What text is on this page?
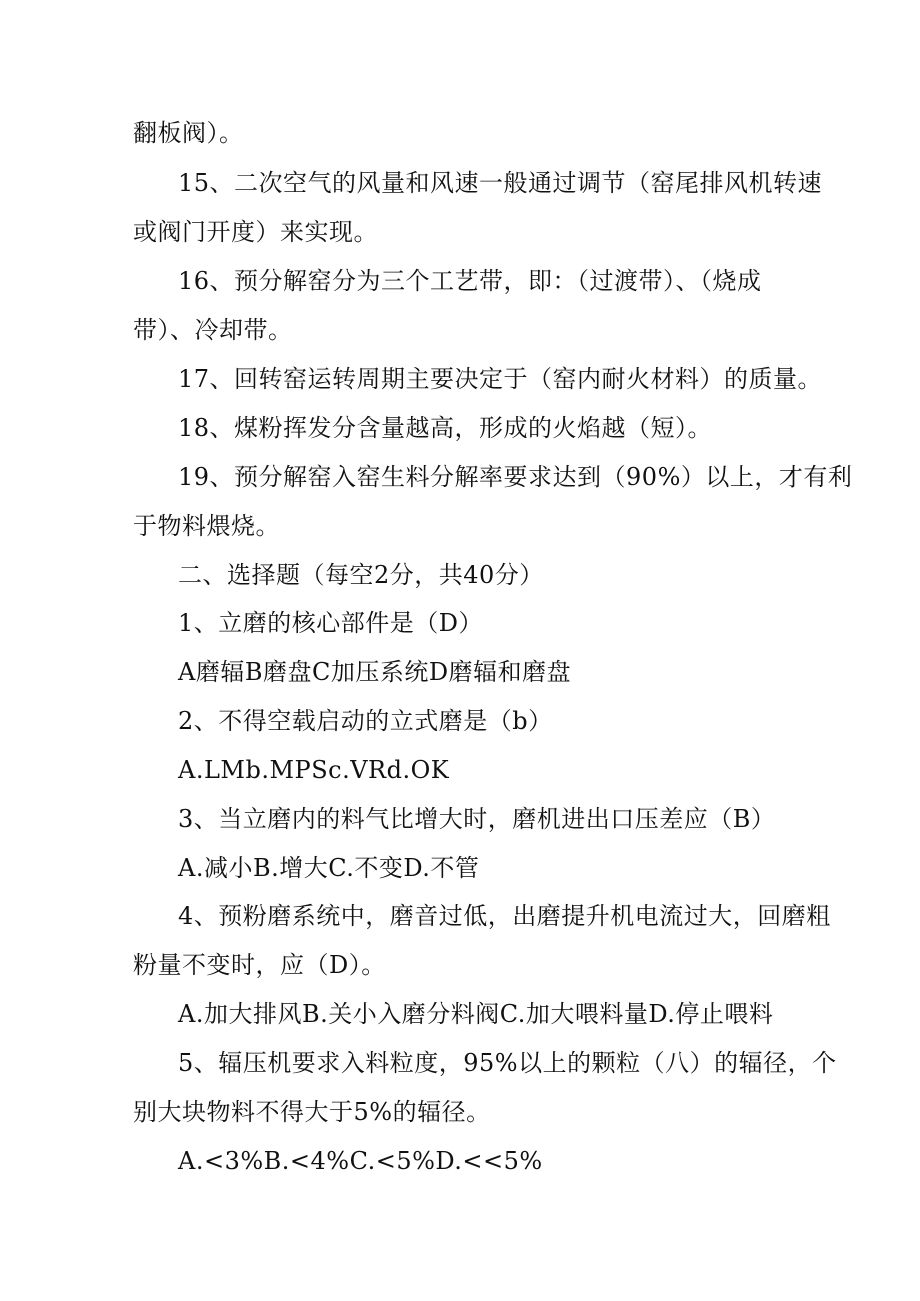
翻板阀）。
15、二次空气的风量和风速一般通过调节（窑尾排风机转速
或阀门开度）来实现。
16、预分解窑分为三个工艺带，即：（过渡带）、（烧成
带）、冷却带。
17、回转窑运转周期主要决定于（窑内耐火材料）的质量。
18、煤粉挥发分含量越高，形成的火焰越（短）。
19、预分解窑入窑生料分解率要求达到（90%）以上，才有利
于物料煨烧。
二、选择题（每空2分，共40分）
1、立磨的核心部件是（D）
A磨辐B磨盘C加压系统D磨辐和磨盘
2、不得空载启动的立式磨是（b）
A.LMb.MPSc.VRd.OK
3、当立磨内的料气比增大时，磨机进出口压差应（B）
A.减小B.增大C.不变D.不管
4、预粉磨系统中，磨音过低，出磨提升机电流过大，回磨粗
粉量不变时，应（D）。
A.加大排风B.关小入磨分料阀C.加大喂料量D.停止喂料
5、辐压机要求入料粒度，95%以上的颗粒（八）的辐径，个
别大块物料不得大于5%的辐径。
A.<3%B.<4%C.<5%D.<<5%
